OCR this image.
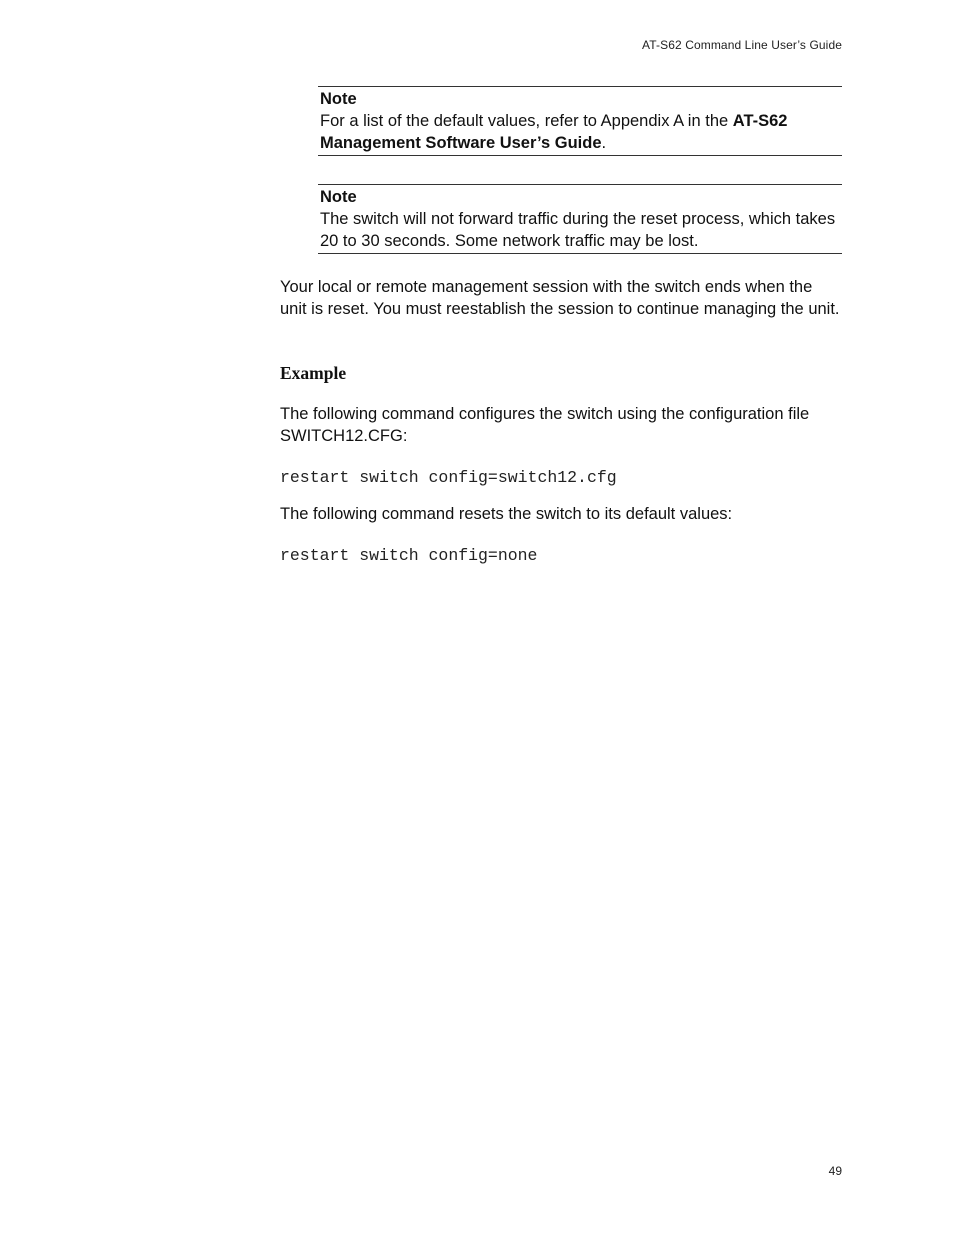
AT-S62 Command Line User’s Guide
Note
For a list of the default values, refer to Appendix A in the AT-S62 Management Software User’s Guide.
Note
The switch will not forward traffic during the reset process, which takes 20 to 30 seconds. Some network traffic may be lost.
Your local or remote management session with the switch ends when the unit is reset. You must reestablish the session to continue managing the unit.
Example
The following command configures the switch using the configuration file SWITCH12.CFG:
restart switch config=switch12.cfg
The following command resets the switch to its default values:
restart switch config=none
49
